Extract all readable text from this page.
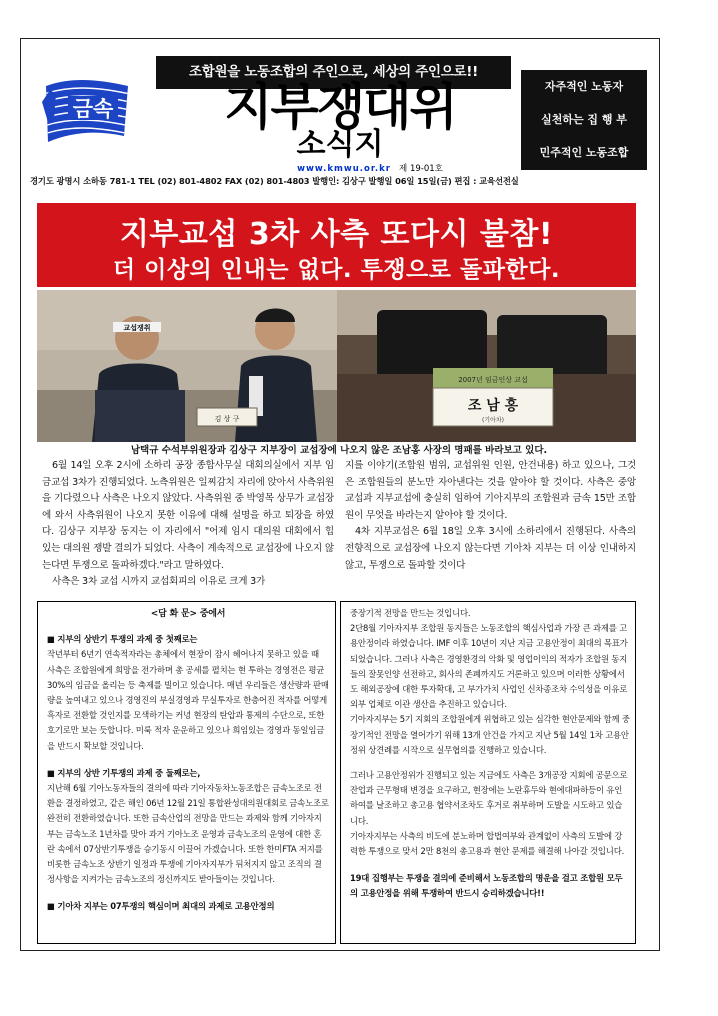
조합원을 노동조합의 주인으로, 세상의 주인으로!!
금속	지부쟁대위
소식지
www.kmwu.or.kr 제 19-01호
자주적인 노동자
실천하는 집 행 부
민주적인 노동조합
경기도 광명시 소하동 781-1 TEL (02) 801-4802 FAX (02) 801-4803 발행인: 김상구 발행일 06일 15일(금) 편집 : 교육선전실
지부교섭 3차 사측 또다시 불참!
더 이상의 인내는 없다. 투쟁으로 돌파한다.
교섭쟁취
김 상 구
2007년 임금인상 교섭
조 남 홍
(기아차)
남택규 수석부위원장과 김상구 지부장이 교섭장에 나오지 않은 조남홍 사장의 명패를 바라보고 있다.

6월 14일 오후 2시에 소하리 공장 종합사무실 대회의실에서 지부 임금교섭 3차가 진행되었다. 노측위원은 일찌감치 자리에 앉아서 사측위원을 기다렸으나 사측은 나오지 않았다. 사측위원 중 박영목 상무가 교섭장에 와서 사측위원이 나오지 못한 이유에 대해 설명을 하고 퇴장을 하였다. 김상구 지부장 동지는 이 자리에서 "어제 임시 대의원 대회에서 힙 있는 대의원 쟁발 결의가 되었다. 사측이 계속적으로 교섭장에 나오지 않는다면 투쟁으로 돌파하겠다."라고 말하였다.

사측은 3차 교섭 시까지 교섭회피의 이유로 크게 3가

지를 이야기(조합원 범위, 교섭위원 인원, 안건내용) 하고 있으나, 그것은 조합원들의 분노만 자아낸다는 것을 알아야 할 것이다. 사측은 중앙교섭과 지부교섭에 충실히 임하여 기아지부의 조합원과 금속 15만 조합원이 무엇을 바라는지 알아야 할 것이다.

4차 지부교섭은 6월 18일 오후 3시에 소하리에서 진행된다. 사측의 전향적으로 교섭장에 나오지 않는다면 기아차 지부는 더 이상 인내하지 않고, 투쟁으로 돌파할 것이다

<담 화 문> 중에서

■ 지부의 상반기 투쟁의 과제 중 첫째로는

작년부터 6년기 연속적자라는 총체에서 현장이 잠시 헤어나지 못하고 있을 때 사측은 조합원에게 희망을 전가하며 총 공세를 펼치는 현 투하는 경영전은 평균30%의 임금을 올리는 등 축제를 빌이고 있습니다. 매년 우리들은 생산량과 판매량을 높여내고 있으나 경영진의 부실경영과 무실투자로 한층어진 적자를 어떻게 흑자로 전환할 것인지를 모색하기는 커녕 현장의 탄압과 통제의 수단으로, 또한 호기로만 보는 듯합니다. 미룩 적자 운운하고 있으나 희임있는 경영과 동일임금을 반드시 확보할 것입니다.

■ 지부의 상반 기투쟁의 과제 중 둘째로는,

지난해 6월 기아노동자들의 결의에 따라 기아자동차노동조합은 금속노조로 전환을 결정하였고, 같은 해인 06년 12월 21일 통합완성대의원대회로 금속노조로 완전히 전환하였습니다. 또한 금속산업의 전망을 만드는 과제와 함께 기아자지부는 금속노조 1년차를 맞아 과거 기아노조 운영과 금속노조의 운영에 대한 혼란 속에서 07상반기투쟁을 승기동시 이끌어 가겠습니다. 또한 한미FTA 저지를 비롯한 금속노조 상반기 일정과 투쟁에 기아자지부가 뒤처지지 않고 조직의 결정사항을 지켜가는 금속노조의 정신까지도 받아들이는 것입니다.

■ 기아차 지부는 07투쟁의 핵심이며 최대의 과제로 고용안정의

중장기적 전망을 만드는 것입니다.

2단8월 기아자지부 조합원 동지들은 노동조합의 핵심사업과 가장 큰 과제를 고용안정이라 하였습니다. IMF 이후 10년이 지난 지금 고용안정이 최대의 목표가 되었습니다. 그러나 사측은 경영환경의 악화 및 영업이익의 적자가 조합원 동지들의 잘못인양 선전하고, 회사의 존폐까지도 거론하고 있으며 이러한 상황에서도 해외공장에 대한 투자확대, 고 부가가치 사업인 신차종조차 수익성을 이유로 외부 업체로 이관 생산을 추진하고 있습니다.

기아자지부는 5기 지회의 조합원에게 위협하고 있는 심각한 현안문제와 함께 중장기적인 전망을 열어가기 위해 13개 안건을 가지고 지난 5월 14일 1차 고용안정위 상견례를 시작으로 실무협의를 진행하고 있습니다.

그러나 고용안정위가 진행되고 있는 지금에도 사측은 3개공장 지회에 공문으로 잔업과 근무형태 변경을 요구하고, 현장에는 노란휴두와 현에대파하등이 유인하여를 날조하고 총고용 협약서조차도 후거로 취부하며 도발을 시도하고 있습니다.

기아자지부는 사측의 비도에 분노하며 합법여부와 관계없이 사측의 도발에 강력한 투쟁으로 맞서 2만 8천의 총고용과 현안 문제를 해결해 나아갈 것입니다.

19대 집행부는 투쟁을 결의에 준비해서 노동조합의 명운을 걸고 조합원 모두의 고용안정을 위해 투쟁하여 반드시 승리하겠습니다!!
